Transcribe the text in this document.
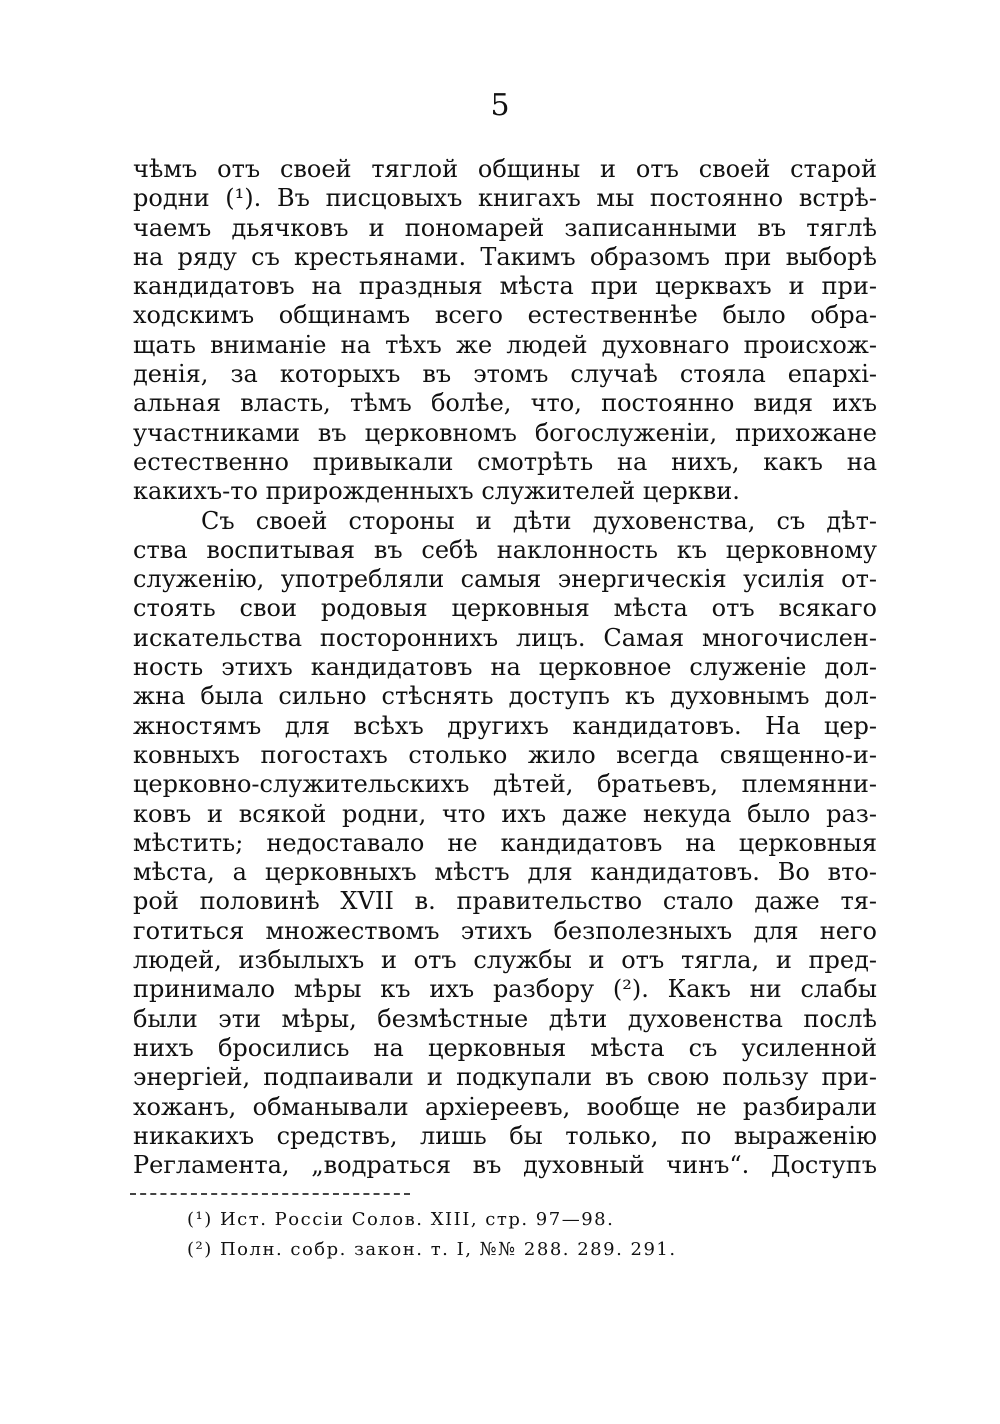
5
чѣмъ отъ своей тяглой общины и отъ своей старой
родни (¹). Въ писцовыхъ книгахъ мы постоянно встрѣ-
чаемъ дьячковъ и пономарей записанными въ тяглѣ
на ряду съ крестьянами. Такимъ образомъ при выборѣ
кандидатовъ на праздныя мѣста при церквахъ и при-
ходскимъ общинамъ всего естественнѣе было обра-
щать вниманіе на тѣхъ же людей духовнаго происхож-
денія, за которыхъ въ этомъ случаѣ стояла епархі-
альная власть, тѣмъ болѣе, что, постоянно видя ихъ
участниками въ церковномъ богослуженіи, прихожане
естественно привыкали смотрѣть на нихъ, какъ на
какихъ-то прирожденныхъ служителей церкви.
Съ своей стороны и дѣти духовенства, съ дѣт-
ства воспитывая въ себѣ наклонность къ церковному
служенію, употребляли самыя энергическія усилія от-
стоять свои родовыя церковныя мѣста отъ всякаго
искательства постороннихъ лицъ. Самая многочислен-
ность этихъ кандидатовъ на церковное служеніе дол-
жна была сильно стѣснять доступъ къ духовнымъ дол-
жностямъ для всѣхъ другихъ кандидатовъ. На цер-
ковныхъ погостахъ столько жило всегда священно-и-
церковно-служительскихъ дѣтей, братьевъ, племянни-
ковъ и всякой родни, что ихъ даже некуда было раз-
мѣстить; недоставало не кандидатовъ на церковныя
мѣста, а церковныхъ мѣстъ для кандидатовъ. Во вто-
рой половинѣ XVII в. правительство стало даже тя-
готиться множествомъ этихъ безполезныхъ для него
людей, избылыхъ и отъ службы и отъ тягла, и пред-
принимало мѣры къ ихъ разбору (²). Какъ ни слабы
были эти мѣры, безмѣстные дѣти духовенства послѣ
нихъ бросились на церковныя мѣста съ усиленной
энергіей, подпаивали и подкупали въ свою пользу при-
хожанъ, обманывали архіереевъ, вообще не разбирали
никакихъ средствъ, лишь бы только, по выраженію
Регламента, „водраться въ духовный чинъ“. Доступъ
(¹) Ист. Россіи Солов. XIII, стр. 97—98.
(²) Полн. собр. закон. т. I, №№ 288. 289. 291.
